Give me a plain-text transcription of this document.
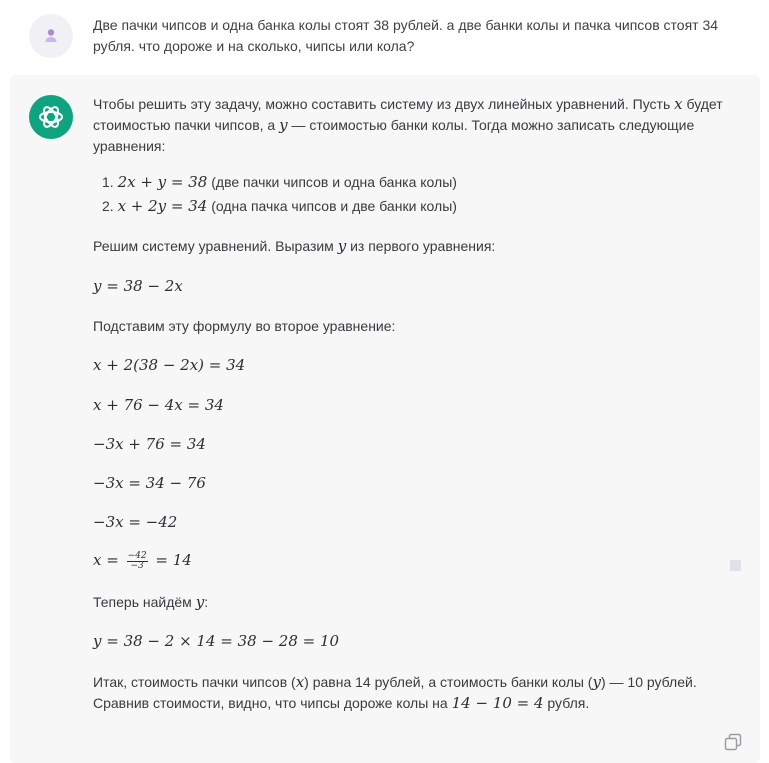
Две пачки чипсов и одна банка колы стоят 38 рублей. а две банки колы и пачка чипсов стоят 34
рубля. что дороже и на сколько, чипсы или кола?
Чтобы решить эту задачу, можно составить систему из двух линейных уравнений. Пусть x будет
стоимостью пачки чипсов, а y — стоимостью банки колы. Тогда можно записать следующие
уравнения:
1. 2x + y = 38 (две пачки чипсов и одна банка колы)
2. x + 2y = 34 (одна пачка чипсов и две банки колы)
Решим систему уравнений. Выразим y из первого уравнения:
y = 38 − 2x
Подставим эту формулу во второе уравнение:
x + 2(38 − 2x) = 34
x + 76 − 4x = 34
−3x + 76 = 34
−3x = 34 − 76
−3x = −42
$x = \frac{-42}{-3} = 14$
Теперь найдём y:
y = 38 − 2 × 14 = 38 − 28 = 10
Итак, стоимость пачки чипсов (x) равна 14 рублей, а стоимость банки колы (y) — 10 рублей.
Сравнив стоимости, видно, что чипсы дороже колы на 14 − 10 = 4 рубля.
